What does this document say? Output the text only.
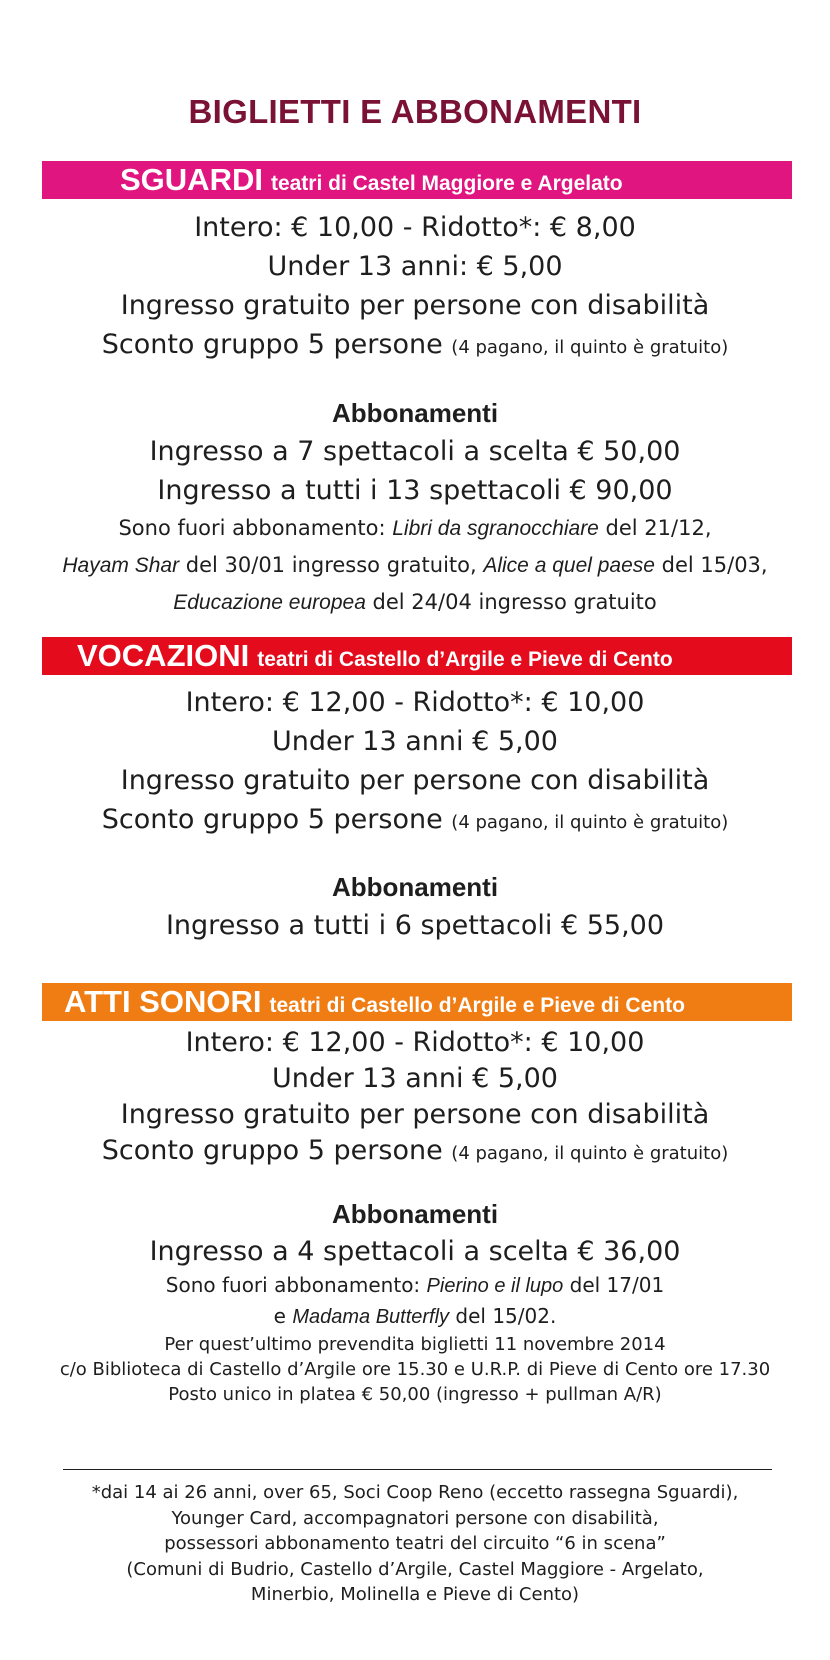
BIGLIETTI E ABBONAMENTI
SGUARDI teatri di Castel Maggiore e Argelato

Intero: € 10,00 - Ridotto*: € 8,00

Under 13 anni: € 5,00

Ingresso gratuito per persone con disabilità

Sconto gruppo 5 persone (4 pagano, il quinto è gratuito)

Abbonamenti

Ingresso a 7 spettacoli a scelta € 50,00

Ingresso a tutti i 13 spettacoli € 90,00

Sono fuori abbonamento: Libri da sgranocchiare del 21/12,

Hayam Shar del 30/01 ingresso gratuito, Alice a quel paese del 15/03,

Educazione europea del 24/04 ingresso gratuito

VOCAZIONI teatri di Castello d’Argile e Pieve di Cento

Intero: € 12,00 - Ridotto*: € 10,00

Under 13 anni € 5,00

Ingresso gratuito per persone con disabilità

Sconto gruppo 5 persone (4 pagano, il quinto è gratuito)

Abbonamenti

Ingresso a tutti i 6 spettacoli € 55,00

ATTI SONORI teatri di Castello d’Argile e Pieve di Cento

Intero: € 12,00 - Ridotto*: € 10,00

Under 13 anni € 5,00

Ingresso gratuito per persone con disabilità

Sconto gruppo 5 persone (4 pagano, il quinto è gratuito)

Abbonamenti

Ingresso a 4 spettacoli a scelta € 36,00

Sono fuori abbonamento: Pierino e il lupo del 17/01

e Madama Butterfly del 15/02.

Per quest’ultimo prevendita biglietti 11 novembre 2014

c/o Biblioteca di Castello d’Argile ore 15.30 e U.R.P. di Pieve di Cento ore 17.30

Posto unico in platea € 50,00 (ingresso + pullman A/R)

*dai 14 ai 26 anni, over 65, Soci Coop Reno (eccetto rassegna Sguardi),

Younger Card, accompagnatori persone con disabilità,

possessori abbonamento teatri del circuito “6 in scena”

(Comuni di Budrio, Castello d’Argile, Castel Maggiore - Argelato,

Minerbio, Molinella e Pieve di Cento)
